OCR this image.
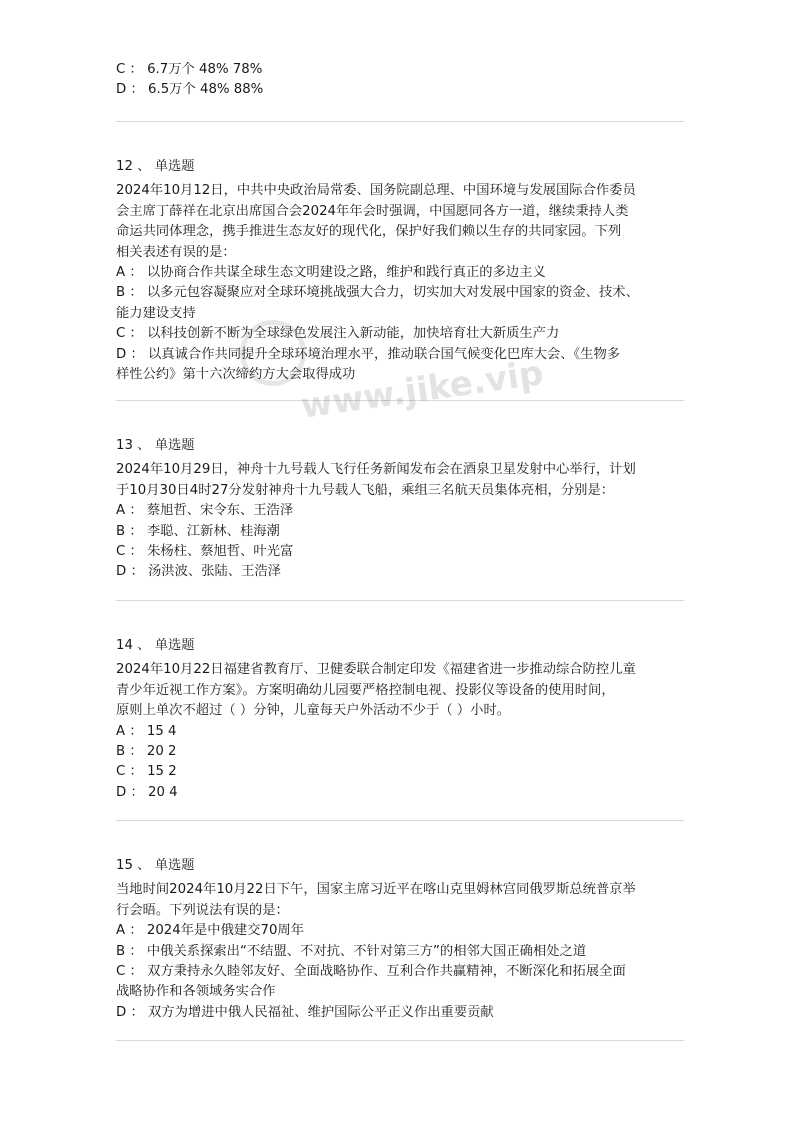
C ： 6.7万个 48% 78%
D ： 6.5万个 48% 88%
12 、 单选题
2024年10月12日，中共中央政治局常委、国务院副总理、中国环境与发展国际合作委员
会主席丁薛祥在北京出席国合会2024年年会时强调，中国愿同各方一道，继续秉持人类
命运共同体理念，携手推进生态友好的现代化，保护好我们赖以生存的共同家园。下列
相关表述有误的是：
A ： 以协商合作共谋全球生态文明建设之路，维护和践行真正的多边主义
B ： 以多元包容凝聚应对全球环境挑战强大合力，切实加大对发展中国家的资金、技术、
能力建设支持
C ： 以科技创新不断为全球绿色发展注入新动能，加快培育壮大新质生产力
D ： 以真诚合作共同提升全球环境治理水平，推动联合国气候变化巴库大会、《生物多
样性公约》第十六次缔约方大会取得成功
13 、 单选题
2024年10月29日，神舟十九号载人飞行任务新闻发布会在酒泉卫星发射中心举行，计划
于10月30日4时27分发射神舟十九号载人飞船，乘组三名航天员集体亮相，分别是：
A ： 蔡旭哲、宋令东、王浩泽
B ： 李聪、江新林、桂海潮
C ： 朱杨柱、蔡旭哲、叶光富
D ： 汤洪波、张陆、王浩泽
14 、 单选题
2024年10月22日福建省教育厅、卫健委联合制定印发《福建省进一步推动综合防控儿童
青少年近视工作方案》。方案明确幼儿园要严格控制电视、投影仪等设备的使用时间，
原则上单次不超过（ ）分钟，儿童每天户外活动不少于（ ）小时。
A ： 15 4
B ： 20 2
C ： 15 2
D ： 20 4
15 、 单选题
当地时间2024年10月22日下午，国家主席习近平在喀山克里姆林宫同俄罗斯总统普京举
行会晤。下列说法有误的是：
A ： 2024年是中俄建交70周年
B ： 中俄关系探索出“不结盟、不对抗、不针对第三方”的相邻大国正确相处之道
C ： 双方秉持永久睦邻友好、全面战略协作、互利合作共赢精神，不断深化和拓展全面
战略协作和各领域务实合作
D ： 双方为增进中俄人民福祉、维护国际公平正义作出重要贡献
www.jike.vip
